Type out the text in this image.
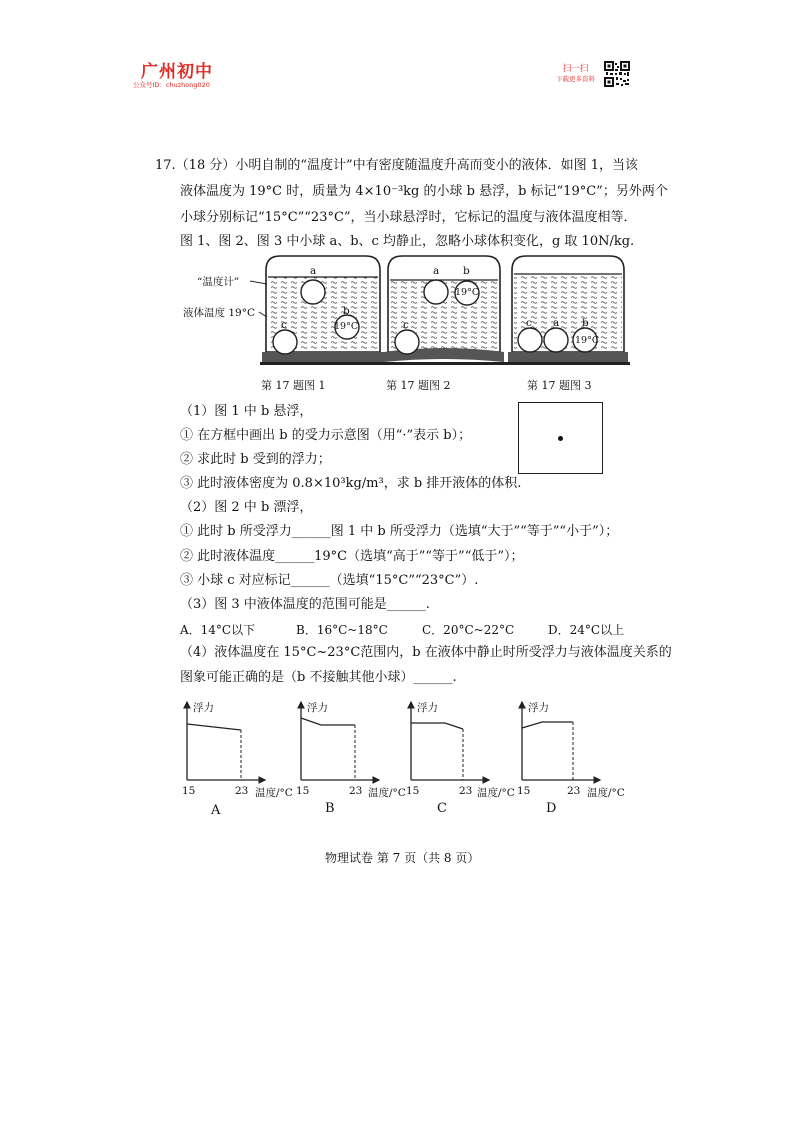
广州初中
公众号ID：chuzhong020
扫一扫
下载更多资料
17.（18 分）小明自制的“温度计”中有密度随温度升高而变小的液体．如图 1，当该
液体温度为 19°C 时，质量为 4×10⁻³kg 的小球 b 悬浮，b 标记“19°C”；另外两个
小球分别标记“15°C”“23°C”，当小球悬浮时，它标记的温度与液体温度相等．
图 1、图 2、图 3 中小球 a、b、c 均静止，忽略小球体积变化，g 取 10N/kg.
“温度计”
液体温度 19°C
a
b
c	19°C
a b
c
19°C
c a b
19°C
第 17 题图 1	第 17 题图 2	第 17 题图 3
（1）图 1 中 b 悬浮，
① 在方框中画出 b 的受力示意图（用“·”表示 b）；
② 求此时 b 受到的浮力；
③ 此时液体密度为 0.8×10³kg/m³，求 b 排开液体的体积.
（2）图 2 中 b 漂浮，
① 此时 b 所受浮力______图 1 中 b 所受浮力（选填“大于”“等于”“小于”）；
② 此时液体温度______19°C（选填“高于”“等于”“低于”）；
③ 小球 c 对应标记______（选填“15°C”“23°C”）.
（3）图 3 中液体温度的范围可能是______.
A．14°C以下	B．16°C~18°C	C．20°C~22°C	D．24°C以上
（4）液体温度在 15°C~23°C范围内，b 在液体中静止时所受浮力与液体温度关系的
图象可能正确的是（b 不接触其他小球）______.
浮力
15	23 温度/°C
A
浮力
15	23 温度/°C
B
浮力
15	23 温度/°C
C
浮力
15	23 温度/°C
D
物理试卷 第 7 页（共 8 页）
